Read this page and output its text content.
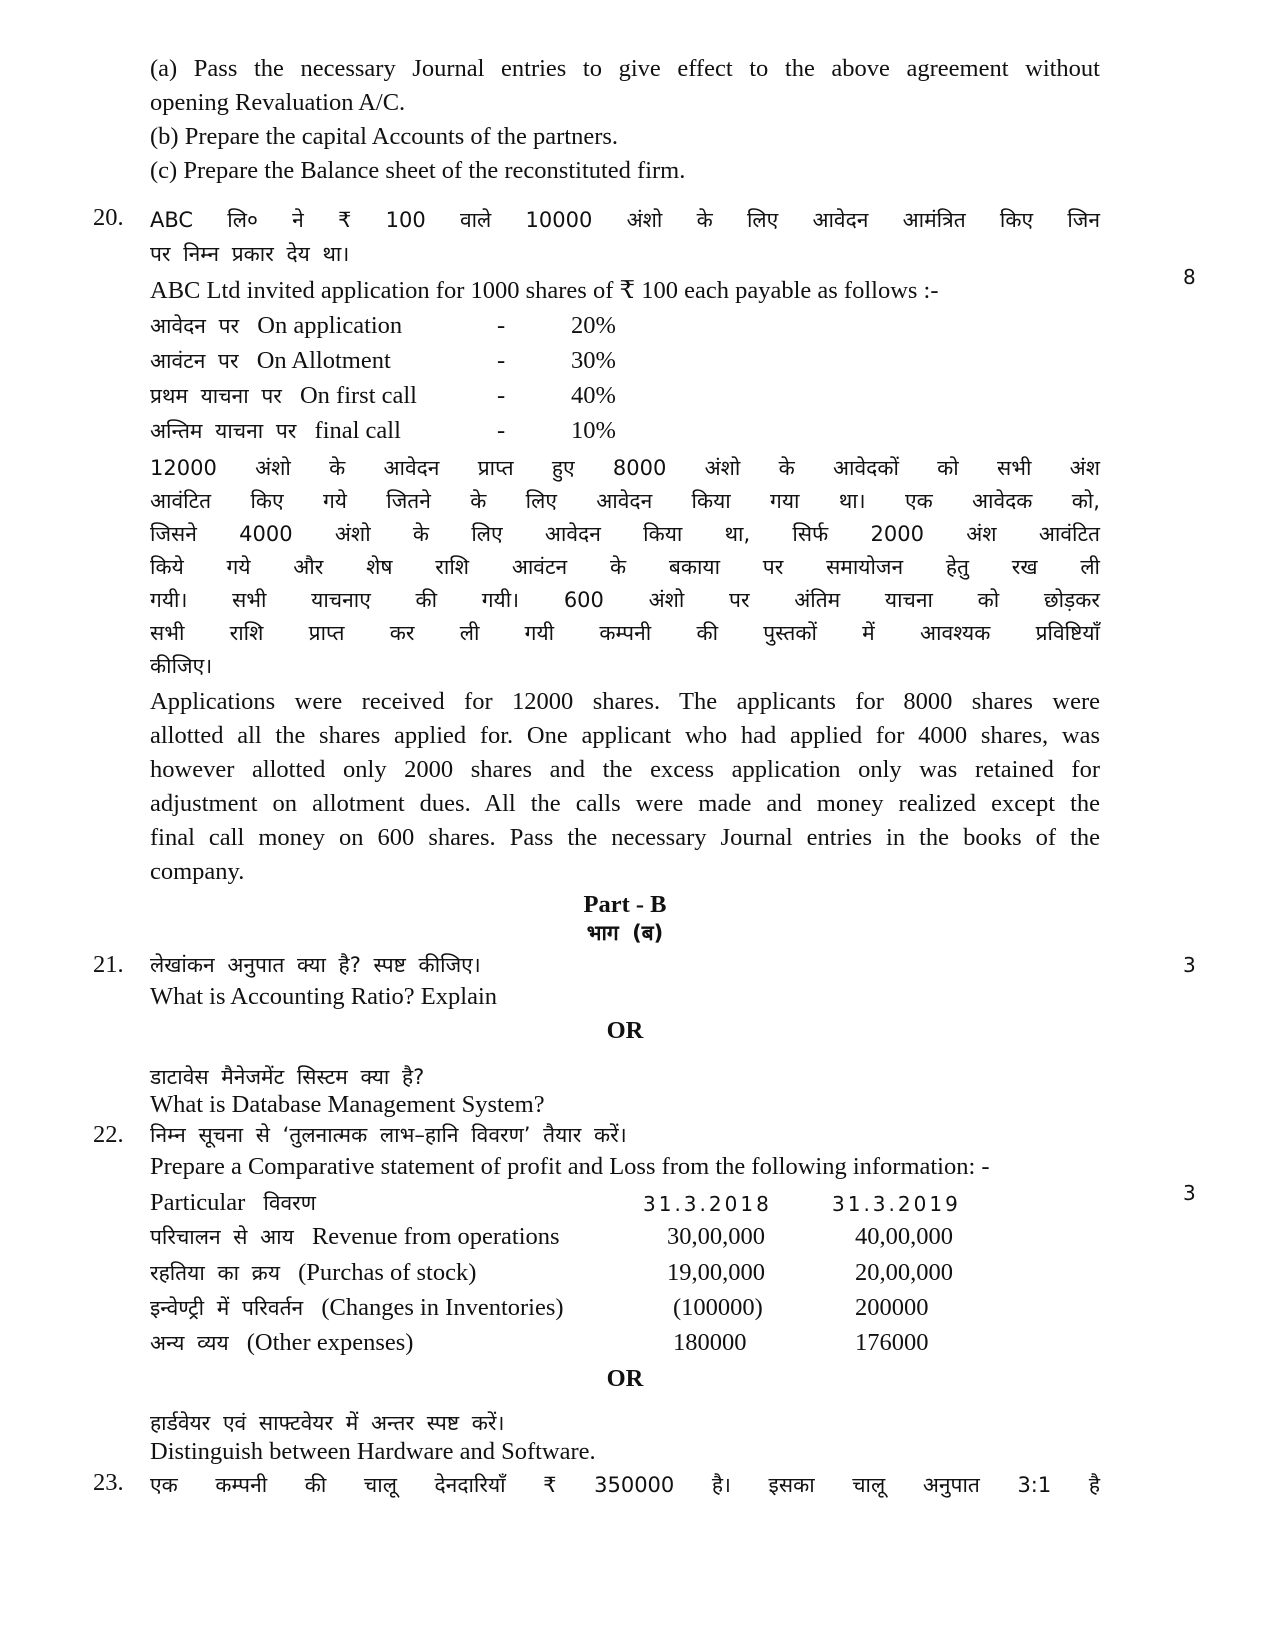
(a) Pass the necessary Journal entries to give effect to the above agreement without
opening Revaluation A/C.
(b) Prepare the capital Accounts of the partners.
(c) Prepare the Balance sheet of the reconstituted firm.
20. ABC लि० ने ₹ 100 वाले 10000 अंशो के लिए आवेदन आमंत्रित किए जिन
पर निम्न प्रकार देय था।
8
ABC Ltd invited application for 1000 shares of ₹ 100 each payable as follows :-
आवेदन पर On application	-	20%
आवंटन पर On Allotment	-	30%
प्रथम याचना पर On first call	-	40%
अन्तिम याचना पर final call	-	10%
12000 अंशो के आवेदन प्राप्त हुए 8000 अंशो के आवेदकों को सभी अंश
आवंटित किए गये जितने के लिए आवेदन किया गया था। एक आवेदक को,
जिसने 4000 अंशो के लिए आवेदन किया था, सिर्फ 2000 अंश आवंटित
किये गये और शेष राशि आवंटन के बकाया पर समायोजन हेतु रख ली
गयी। सभी याचनाए की गयी। 600 अंशो पर अंतिम याचना को छोड़कर
सभी राशि प्राप्त कर ली गयी कम्पनी की पुस्तकों में आवश्यक प्रविष्टियाँ
कीजिए।
Applications were received for 12000 shares. The applicants for 8000 shares were
allotted all the shares applied for. One applicant who had applied for 4000 shares, was
however allotted only 2000 shares and the excess application only was retained for
adjustment on allotment dues. All the calls were made and money realized except the
final call money on 600 shares. Pass the necessary Journal entries in the books of the
company.
Part - B
भाग (ब)
21. लेखांकन अनुपात क्या है? स्पष्ट कीजिए।	3
What is Accounting Ratio? Explain
OR
डाटावेस मैनेजमेंट सिस्टम क्या है?
What is Database Management System?
22. निम्न सूचना से ‘तुलनात्मक लाभ–हानि विवरण’ तैयार करें।
Prepare a Comparative statement of profit and Loss from the following information: -
Particular विवरण	31.3.2018	31.3.2019	3
परिचालन से आय Revenue from operations	30,00,000	40,00,000
रहतिया का क्रय (Purchas of stock)	19,00,000	20,00,000
इन्वेण्ट्री में परिवर्तन (Changes in Inventories)	(100000)	200000
अन्य व्यय (Other expenses)	180000	176000
OR
हार्डवेयर एवं साफ्टवेयर में अन्तर स्पष्ट करें।
Distinguish between Hardware and Software.
23. एक कम्पनी की चालू देनदारियाँ ₹ 350000 है। इसका चालू अनुपात 3:1 है
